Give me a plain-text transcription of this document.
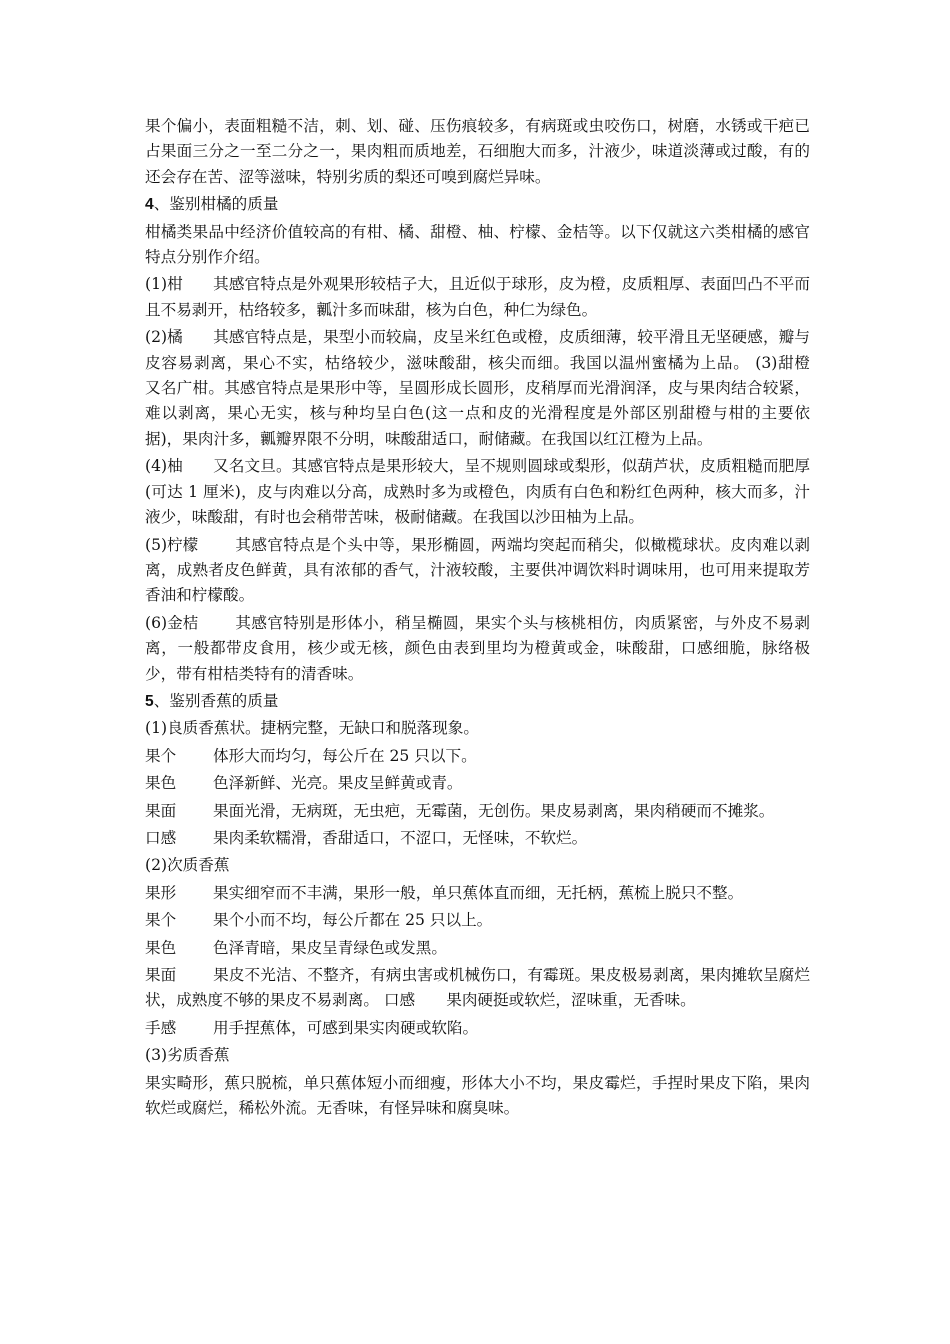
果个偏小，表面粗糙不洁，刺、划、碰、压伤痕较多，有病斑或虫咬伤口，树磨，水锈或干疤已占果面三分之一至二分之一，果肉粗而质地差，石细胞大而多，汁液少，味道淡薄或过酸，有的还会存在苦、涩等滋味，特别劣质的梨还可嗅到腐烂异味。

4、鉴别柑橘的质量

柑橘类果品中经济价值较高的有柑、橘、甜橙、柚、柠檬、金桔等。以下仅就这六类柑橘的感官特点分别作介绍。

(1)柑 其感官特点是外观果形较桔子大，且近似于球形，皮为橙，皮质粗厚、表面凹凸不平而且不易剥开，枯络较多，瓤汁多而味甜，核为白色，种仁为绿色。

(2)橘 其感官特点是，果型小而较扁，皮呈米红色或橙，皮质细薄，较平滑且无坚硬感，瓣与皮容易剥离，果心不实，枯络较少，滋味酸甜，核尖而细。我国以温州蜜橘为上品。 (3)甜橙　　又名广柑。其感官特点是果形中等，呈圆形成长圆形，皮稍厚而光滑润泽，皮与果肉结合较紧，难以剥离，果心无实，核与种均呈白色(这一点和皮的光滑程度是外部区别甜橙与柑的主要依据)，果肉汁多，瓤瓣界限不分明，味酸甜适口，耐储藏。在我国以红江橙为上品。

(4)柚 又名文旦。其感官特点是果形较大，呈不规则圆球或梨形，似葫芦状，皮质粗糙而肥厚(可达 1 厘米)，皮与肉难以分高，成熟时多为或橙色，肉质有白色和粉红色两种，核大而多，汁液少，味酸甜，有时也会稍带苦味，极耐储藏。在我国以沙田柚为上品。

(5)柠檬 其感官特点是个头中等，果形椭圆，两端均突起而稍尖，似橄榄球状。皮肉难以剥离，成熟者皮色鲜黄，具有浓郁的香气，汁液较酸，主要供冲调饮料时调味用，也可用来提取芳香油和柠檬酸。

(6)金桔 其感官特别是形体小，稍呈椭圆，果实个头与核桃相仿，肉质紧密，与外皮不易剥离，一般都带皮食用，核少或无核，颜色由表到里均为橙黄或金，味酸甜，口感细脆，脉络极少，带有柑桔类特有的清香味。

5、鉴别香蕉的质量

(1)良质香蕉状。捷柄完整，无缺口和脱落现象。

果个 体形大而均匀，每公斤在 25 只以下。

果色 色泽新鲜、光亮。果皮呈鲜黄或青。

果面 果面光滑，无病斑，无虫疤，无霉菌，无创伤。果皮易剥离，果肉稍硬而不摊浆。

口感 果肉柔软糯滑，香甜适口，不涩口，无怪味，不软烂。

(2)次质香蕉

果形 果实细窄而不丰满，果形一般，单只蕉体直而细，无托柄，蕉梳上脱只不整。

果个 果个小而不均，每公斤都在 25 只以上。

果色 色泽青暗，果皮呈青绿色或发黑。

果面 果皮不光洁、不整齐，有病虫害或机械伤口，有霉斑。果皮极易剥离，果肉摊软呈腐烂状，成熟度不够的果皮不易剥离。 口感　　果肉硬挺或软烂，涩味重，无香味。

手感 用手捏蕉体，可感到果实肉硬或软陷。

(3)劣质香蕉

果实畸形，蕉只脱梳，单只蕉体短小而细瘦，形体大小不均，果皮霉烂，手捏时果皮下陷，果肉软烂或腐烂，稀松外流。无香味，有怪异味和腐臭味。
